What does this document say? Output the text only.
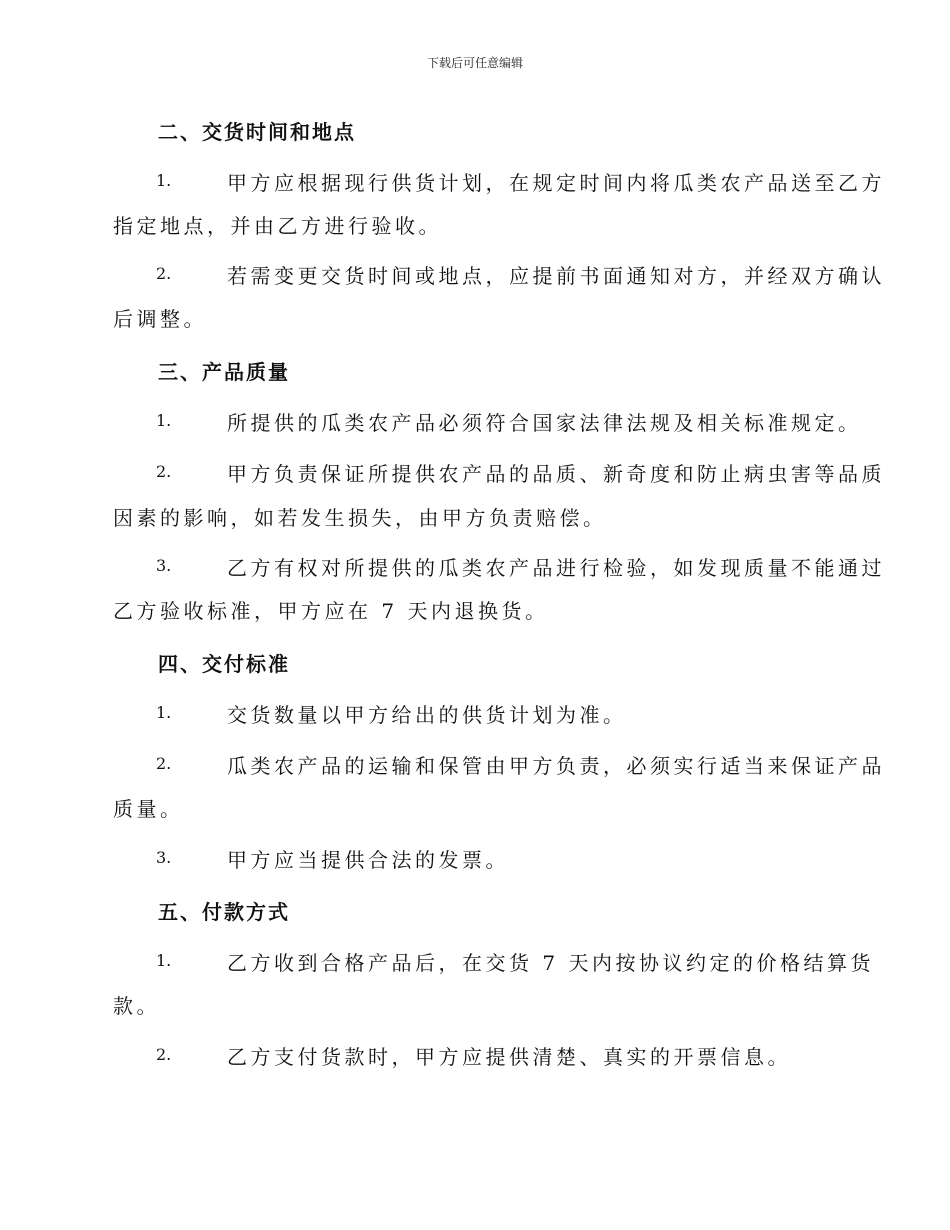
下载后可任意编辑
二、交货时间和地点
1.	甲方应根据现行供货计划，在规定时间内将瓜类农产品送至乙方
指定地点，并由乙方进行验收。
2.	若需变更交货时间或地点，应提前书面通知对方，并经双方确认
后调整。
三、产品质量
1.	所提供的瓜类农产品必须符合国家法律法规及相关标准规定。
2.	甲方负责保证所提供农产品的品质、新奇度和防止病虫害等品质
因素的影响，如若发生损失，由甲方负责赔偿。
3.	乙方有权对所提供的瓜类农产品进行检验，如发现质量不能通过
乙方验收标准，甲方应在 7 天内退换货。
四、交付标准
1.	交货数量以甲方给出的供货计划为准。
2.	瓜类农产品的运输和保管由甲方负责，必须实行适当来保证产品
质量。
3.	甲方应当提供合法的发票。
五、付款方式
1.	乙方收到合格产品后，在交货 7 天内按协议约定的价格结算货
款。
2.	乙方支付货款时，甲方应提供清楚、真实的开票信息。
